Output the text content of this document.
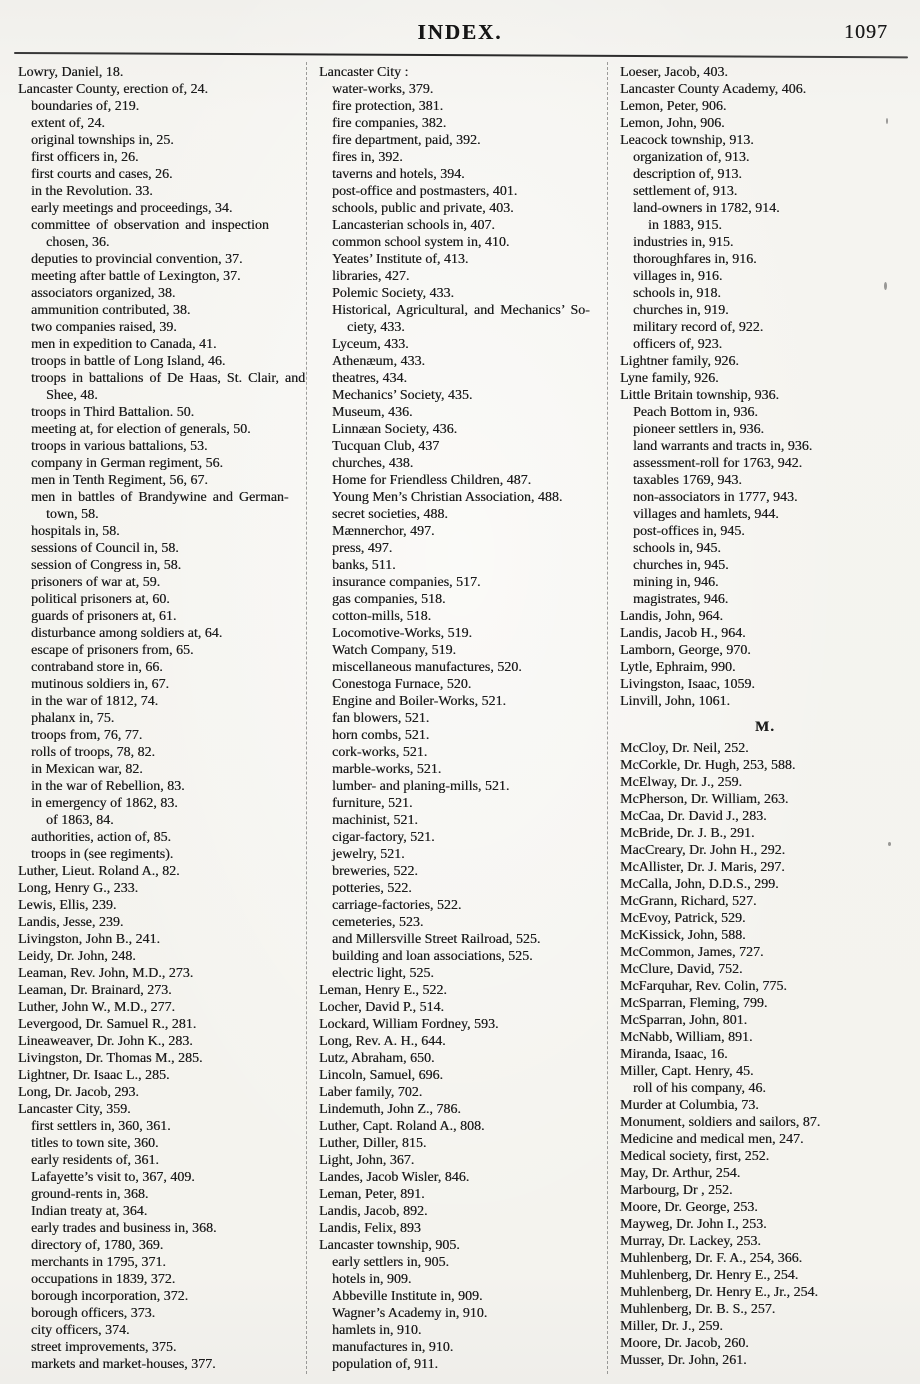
INDEX.	1097
Lowry, Daniel, 18.
Lancaster County, erection of, 24.
boundaries of, 219.
extent of, 24.
original townships in, 25.
first officers in, 26.
first courts and cases, 26.
in the Revolution. 33.
early meetings and proceedings, 34.
committee of observation and inspection
chosen, 36.
deputies to provincial convention, 37.
meeting after battle of Lexington, 37.
associators organized, 38.
ammunition contributed, 38.
two companies raised, 39.
men in expedition to Canada, 41.
troops in battle of Long Island, 46.
troops in battalions of De Haas, St. Clair, and
Shee, 48.
troops in Third Battalion. 50.
meeting at, for election of generals, 50.
troops in various battalions, 53.
company in German regiment, 56.
men in Tenth Regiment, 56, 67.
men in battles of Brandywine and German-
town, 58.
hospitals in, 58.
sessions of Council in, 58.
session of Congress in, 58.
prisoners of war at, 59.
political prisoners at, 60.
guards of prisoners at, 61.
disturbance among soldiers at, 64.
escape of prisoners from, 65.
contraband store in, 66.
mutinous soldiers in, 67.
in the war of 1812, 74.
phalanx in, 75.
troops from, 76, 77.
rolls of troops, 78, 82.
in Mexican war, 82.
in the war of Rebellion, 83.
in emergency of 1862, 83.
of 1863, 84.
authorities, action of, 85.
troops in (see regiments).
Luther, Lieut. Roland A., 82.
Long, Henry G., 233.
Lewis, Ellis, 239.
Landis, Jesse, 239.
Livingston, John B., 241.
Leidy, Dr. John, 248.
Leaman, Rev. John, M.D., 273.
Leaman, Dr. Brainard, 273.
Luther, John W., M.D., 277.
Levergood, Dr. Samuel R., 281.
Lineaweaver, Dr. John K., 283.
Livingston, Dr. Thomas M., 285.
Lightner, Dr. Isaac L., 285.
Long, Dr. Jacob, 293.
Lancaster City, 359.
first settlers in, 360, 361.
titles to town site, 360.
early residents of, 361.
Lafayette’s visit to, 367, 409.
ground-rents in, 368.
Indian treaty at, 364.
early trades and business in, 368.
directory of, 1780, 369.
merchants in 1795, 371.
occupations in 1839, 372.
borough incorporation, 372.
borough officers, 373.
city officers, 374.
street improvements, 375.
markets and market-houses, 377.
Lancaster City :
water-works, 379.
fire protection, 381.
fire companies, 382.
fire department, paid, 392.
fires in, 392.
taverns and hotels, 394.
post-office and postmasters, 401.
schools, public and private, 403.
Lancasterian schools in, 407.
common school system in, 410.
Yeates’ Institute of, 413.
libraries, 427.
Polemic Society, 433.
Historical, Agricultural, and Mechanics’ So-
ciety, 433.
Lyceum, 433.
Athenæum, 433.
theatres, 434.
Mechanics’ Society, 435.
Museum, 436.
Linnæan Society, 436.
Tucquan Club, 437
churches, 438.
Home for Friendless Children, 487.
Young Men’s Christian Association, 488.
secret societies, 488.
Mænnerchor, 497.
press, 497.
banks, 511.
insurance companies, 517.
gas companies, 518.
cotton-mills, 518.
Locomotive-Works, 519.
Watch Company, 519.
miscellaneous manufactures, 520.
Conestoga Furnace, 520.
Engine and Boiler-Works, 521.
fan blowers, 521.
horn combs, 521.
cork-works, 521.
marble-works, 521.
lumber- and planing-mills, 521.
furniture, 521.
machinist, 521.
cigar-factory, 521.
jewelry, 521.
breweries, 522.
potteries, 522.
carriage-factories, 522.
cemeteries, 523.
and Millersville Street Railroad, 525.
building and loan associations, 525.
electric light, 525.
Leman, Henry E., 522.
Locher, David P., 514.
Lockard, William Fordney, 593.
Long, Rev. A. H., 644.
Lutz, Abraham, 650.
Lincoln, Samuel, 696.
Laber family, 702.
Lindemuth, John Z., 786.
Luther, Capt. Roland A., 808.
Luther, Diller, 815.
Light, John, 367.
Landes, Jacob Wisler, 846.
Leman, Peter, 891.
Landis, Jacob, 892.
Landis, Felix, 893
Lancaster township, 905.
early settlers in, 905.
hotels in, 909.
Abbeville Institute in, 909.
Wagner’s Academy in, 910.
hamlets in, 910.
manufactures in, 910.
population of, 911.
Loeser, Jacob, 403.
Lancaster County Academy, 406.
Lemon, Peter, 906.
Lemon, John, 906.
Leacock township, 913.
organization of, 913.
description of, 913.
settlement of, 913.
land-owners in 1782, 914.
in 1883, 915.
industries in, 915.
thoroughfares in, 916.
villages in, 916.
schools in, 918.
churches in, 919.
military record of, 922.
officers of, 923.
Lightner family, 926.
Lyne family, 926.
Little Britain township, 936.
Peach Bottom in, 936.
pioneer settlers in, 936.
land warrants and tracts in, 936.
assessment-roll for 1763, 942.
taxables 1769, 943.
non-associators in 1777, 943.
villages and hamlets, 944.
post-offices in, 945.
schools in, 945.
churches in, 945.
mining in, 946.
magistrates, 946.
Landis, John, 964.
Landis, Jacob H., 964.
Lamborn, George, 970.
Lytle, Ephraim, 990.
Livingston, Isaac, 1059.
Linvill, John, 1061.
M.
McCloy, Dr. Neil, 252.
McCorkle, Dr. Hugh, 253, 588.
McElway, Dr. J., 259.
McPherson, Dr. William, 263.
McCaa, Dr. David J., 283.
McBride, Dr. J. B., 291.
MacCreary, Dr. John H., 292.
McAllister, Dr. J. Maris, 297.
McCalla, John, D.D.S., 299.
McGrann, Richard, 527.
McEvoy, Patrick, 529.
McKissick, John, 588.
McCommon, James, 727.
McClure, David, 752.
McFarquhar, Rev. Colin, 775.
McSparran, Fleming, 799.
McSparran, John, 801.
McNabb, William, 891.
Miranda, Isaac, 16.
Miller, Capt. Henry, 45.
roll of his company, 46.
Murder at Columbia, 73.
Monument, soldiers and sailors, 87.
Medicine and medical men, 247.
Medical society, first, 252.
May, Dr. Arthur, 254.
Marbourg, Dr , 252.
Moore, Dr. George, 253.
Mayweg, Dr. John I., 253.
Murray, Dr. Lackey, 253.
Muhlenberg, Dr. F. A., 254, 366.
Muhlenberg, Dr. Henry E., 254.
Muhlenberg, Dr. Henry E., Jr., 254.
Muhlenberg, Dr. B. S., 257.
Miller, Dr. J., 259.
Moore, Dr. Jacob, 260.
Musser, Dr. John, 261.
